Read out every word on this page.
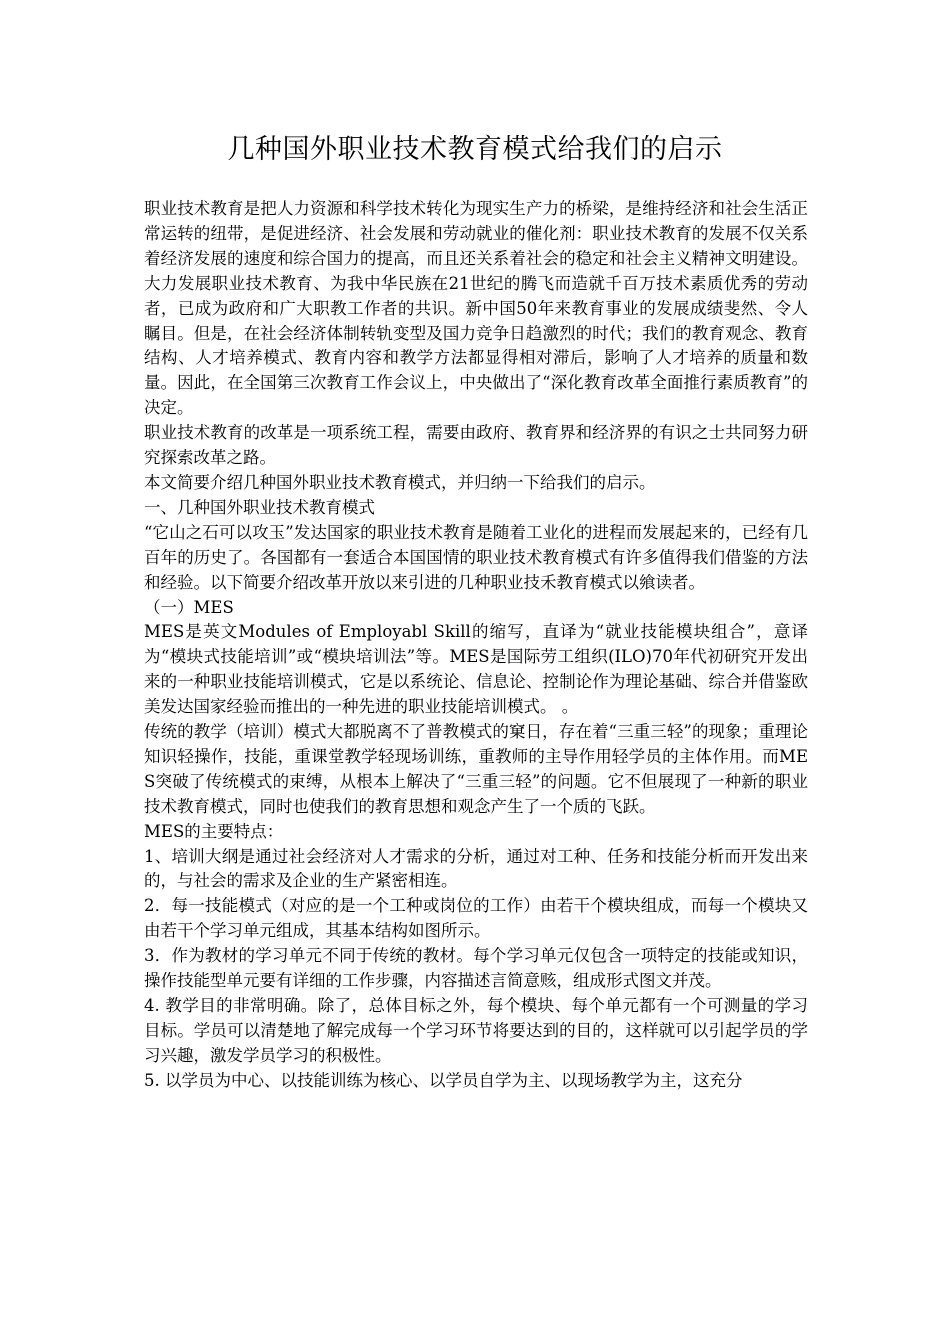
几种国外职业技术教育模式给我们的启示

职业技术教育是把人力资源和科学技术转化为现实生产力的桥梁，是维持经济和社会生活正常运转的纽带，是促进经济、社会发展和劳动就业的催化剂：职业技术教育的发展不仅关系着经济发展的速度和综合国力的提高，而且还关系着社会的稳定和社会主义精神文明建设。大力发展职业技术教育、为我中华民族在21世纪的腾飞而造就千百万技术素质优秀的劳动者，已成为政府和广大职教工作者的共识。新中国50年来教育事业的发展成绩斐然、令人瞩目。但是，在社会经济体制转轨变型及国力竞争日趋激烈的时代；我们的教育观念、教育结构、人才培养模式、教育内容和教学方法都显得相对滞后，影响了人才培养的质量和数量。因此，在全国第三次教育工作会议上，中央做出了“深化教育改革全面推行素质教育”的决定。

职业技术教育的改革是一项系统工程，需要由政府、教育界和经济界的有识之士共同努力研究探索改革之路。

本文简要介绍几种国外职业技术教育模式，并归纳一下给我们的启示。

一、几种国外职业技术教育模式

“它山之石可以攻玉”发达国家的职业技术教育是随着工业化的进程而发展起来的，已经有几百年的历史了。各国都有一套适合本国国情的职业技术教育模式有许多值得我们借鉴的方法和经验。以下简要介绍改革开放以来引进的几种职业技禾教育模式以飨读者。

（一）MES

MES是英文Modules of Employabl Skill的缩写，直译为“就业技能模块组合”，意译为“模块式技能培训”或“模块培训法”等。MES是国际劳工组织(ILO)70年代初研究开发出来的一种职业技能培训模式，它是以系统论、信息论、控制论作为理论基础、综合并借鉴欧美发达国家经验而推出的一种先进的职业技能培训模式。 。

传统的教学（培训）模式大都脱离不了普教模式的窠日，存在着“三重三轻”的现象；重理论知识轻操作，技能，重课堂教学轻现场训练，重教师的主导作用轻学员的主体作用。而MES突破了传统模式的束缚，从根本上解决了“三重三轻”的问题。它不但展现了一种新的职业技术教育模式，同时也使我们的教育思想和观念产生了一个质的飞跃。

MES的主要特点：

1、培训大纲是通过社会经济对人才需求的分析，通过对工种、任务和技能分析而开发出来的，与社会的需求及企业的生产紧密相连。

2．每一技能模式（对应的是一个工种或岗位的工作）由若干个模块组成，而每一个模块又由若干个学习单元组成，其基本结构如图所示。

3．作为教材的学习单元不同于传统的教材。每个学习单元仅包含一项特定的技能或知识，操作技能型单元要有详细的工作步骤，内容描述言简意赅，组成形式图文并茂。

4. 教学目的非常明确。除了，总体目标之外，每个模块、每个单元都有一个可测量的学习目标。学员可以清楚地了解完成每一个学习环节将要达到的目的，这样就可以引起学员的学习兴趣，激发学员学习的积极性。

5. 以学员为中心、以技能训练为核心、以学员自学为主、以现场教学为主，这充分
